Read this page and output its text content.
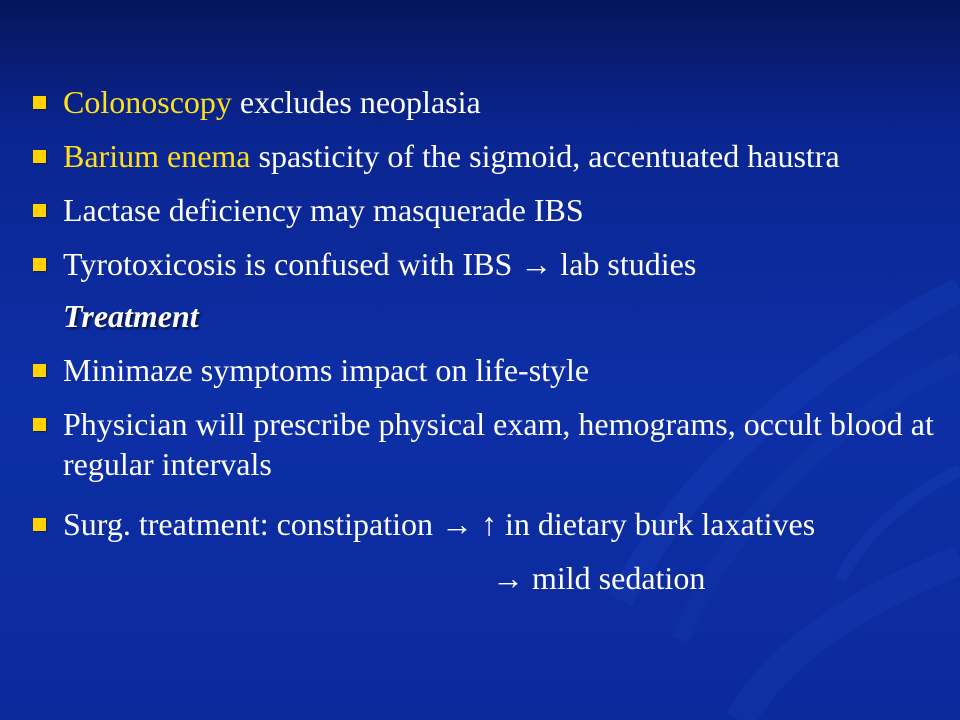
Colonoscopy excludes neoplasia

Barium enema spasticity of the sigmoid, accentuated haustra

Lactase deficiency may masquerade IBS

Tyrotoxicosis is confused with IBS → lab studies

Treatment

Minimaze symptoms impact on life-style

Physician will prescribe physical exam, hemograms, occult blood at regular intervals

Surg. treatment: constipation → ↑ in dietary burk laxatives

→ mild sedation
